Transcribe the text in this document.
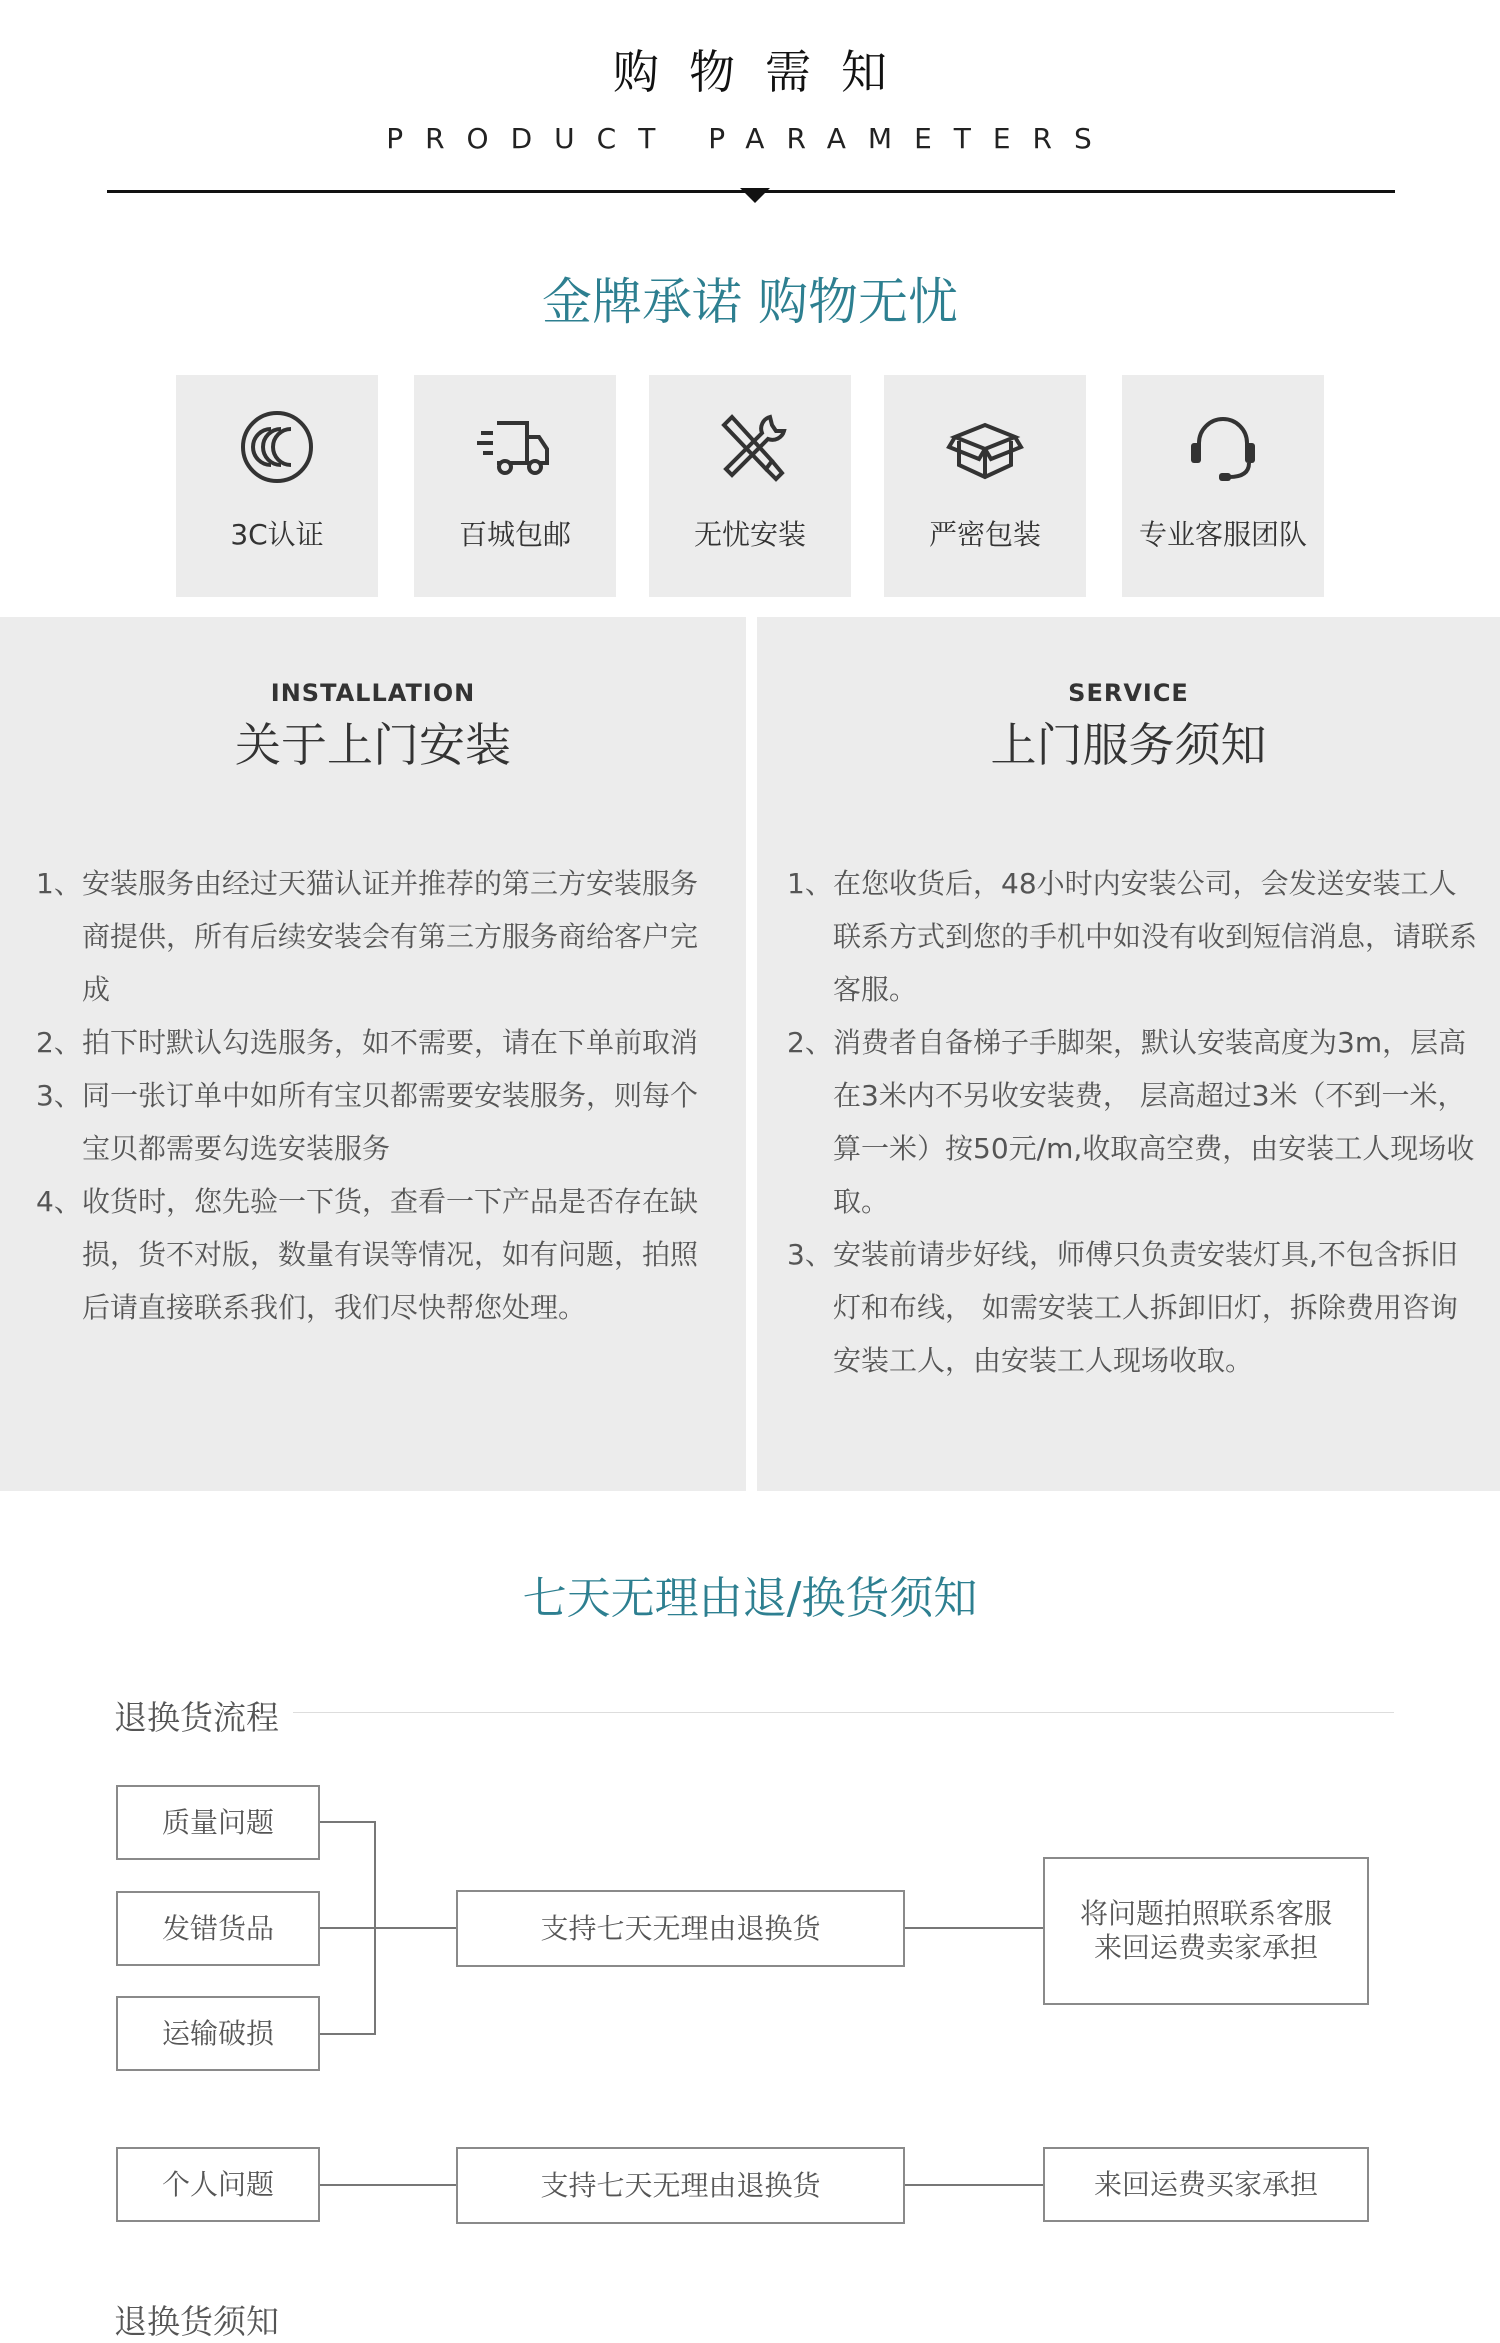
购物需知
PRODUCT PARAMETERS
金牌承诺 购物无忧
3C认证	百城包邮	无忧安装	严密包装	专业客服团队
INSTALLATION
关于上门安装
1、 安装服务由经过天猫认证并推荐的第三方安装服务商提供，所有后续安装会有第三方服务商给客户完成
2、 拍下时默认勾选服务，如不需要，请在下单前取消
3、 同一张订单中如所有宝贝都需要安装服务，则每个宝贝都需要勾选安装服务
4、 收货时，您先验一下货，查看一下产品是否存在缺损，货不对版，数量有误等情况，如有问题，拍照后请直接联系我们，我们尽快帮您处理。
SERVICE
上门服务须知
1、 在您收货后，48小时内安装公司，会发送安装工人联系方式到您的手机中如没有收到短信消息，请联系客服。
2、 消费者自备梯子手脚架，默认安装高度为3m，层高在3米内不另收安装费， 层高超过3米（不到一米，算一米）按50元/m,收取高空费，由安装工人现场收取。
3、 安装前请步好线，师傅只负责安装灯具,不包含拆旧灯和布线， 如需安装工人拆卸旧灯，拆除费用咨询安装工人，由安装工人现场收取。
七天无理由退/换货须知
退换货流程
质量问题
发错货品
运输破损
支持七天无理由退换货	将问题拍照联系客服
来回运费卖家承担
个人问题	支持七天无理由退换货	来回运费买家承担
退换货须知
